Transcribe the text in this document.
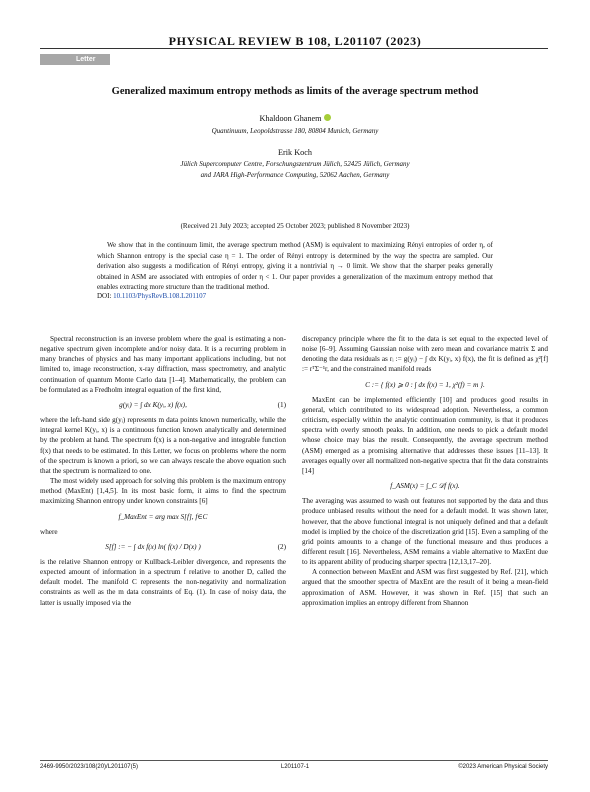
PHYSICAL REVIEW B 108, L201107 (2023)
Letter
Generalized maximum entropy methods as limits of the average spectrum method
Khaldoon Ghanem
Quantinuum, Leopoldstrasse 180, 80804 Munich, Germany
Erik Koch
Jülich Supercomputer Centre, Forschungszentrum Jülich, 52425 Jülich, Germany
and JARA High-Performance Computing, 52062 Aachen, Germany
(Received 21 July 2023; accepted 25 October 2023; published 8 November 2023)
We show that in the continuum limit, the average spectrum method (ASM) is equivalent to maximizing Rényi entropies of order η, of which Shannon entropy is the special case η = 1. The order of Rényi entropy is determined by the way the spectra are sampled. Our derivation also suggests a modification of Rényi entropy, giving it a nontrivial η → 0 limit. We show that the sharper peaks generally obtained in ASM are associated with entropies of order η < 1. Our paper provides a generalization of the maximum entropy method that enables extracting more structure than the traditional method.
DOI: 10.1103/PhysRevB.108.L201107

Spectral reconstruction is an inverse problem where the goal is estimating a non-negative spectrum given incomplete and/or noisy data. It is a recurring problem in many branches of physics and has many important applications including, but not limited to, image reconstruction, x-ray diffraction, mass spectrometry, and analytic continuation of quantum Monte Carlo data [1–4]. Mathematically, the problem can be formulated as a Fredholm integral equation of the first kind,

g(yᵢ) = ∫ dx K(yᵢ, x) f(x),	(1)

where the left-hand side g(yᵢ) represents m data points known numerically, while the integral kernel K(yᵢ, x) is a continuous function known analytically and determined by the problem at hand. The spectrum f(x) is a non-negative and integrable function f(x) that needs to be estimated. In this Letter, we focus on problems where the norm of the spectrum is known a priori, so we can always rescale the above equation such that the spectrum is normalized to one.

The most widely used approach for solving this problem is the maximum entropy method (MaxEnt) [1,4,5]. In its most basic form, it aims to find the spectrum maximizing Shannon entropy under known constraints [6]

f_MaxEnt = arg max S[f], f∈C

where

S[f] := − ∫ dx f(x) ln( f(x) / D(x) )	(2)

is the relative Shannon entropy or Kullback-Leibler divergence, and represents the expected amount of information in a spectrum f relative to another D, called the default model. The manifold C represents the non-negativity and normalization constraints as well as the m data constraints of Eq. (1). In case of noisy data, the latter is usually imposed via the

discrepancy principle where the fit to the data is set equal to the expected level of noise [6–9]. Assuming Gaussian noise with zero mean and covariance matrix Σ and denoting the data residuals as rᵢ := g(yᵢ) − ∫ dx K(yᵢ, x) f(x), the fit is defined as χ²[f] := rᵀΣ⁻¹r, and the constrained manifold reads

C := { f(x) ⩾ 0 : ∫ dx f(x) = 1, χ²(f) = m }.

MaxEnt can be implemented efficiently [10] and produces good results in general, which contributed to its widespread adoption. Nevertheless, a common criticism, especially within the analytic continuation community, is that it produces spectra with overly smooth peaks. In addition, one needs to pick a default model whose choice may bias the result. Consequently, the average spectrum method (ASM) emerged as a promising alternative that addresses these issues [11–13]. It averages equally over all normalized non-negative spectra that fit the data constraints [14]

f_ASM(x) = ∫_C 𝒟f f(x).

The averaging was assumed to wash out features not supported by the data and thus produce unbiased results without the need for a default model. It was shown later, however, that the above functional integral is not uniquely defined and that a default model is implied by the choice of the discretization grid [15]. Even a sampling of the grid points amounts to a change of the functional measure and thus produces a different result [16]. Nevertheless, ASM remains a viable alternative to MaxEnt due to its apparent ability of producing sharper spectra [12,13,17–20].

A connection between MaxEnt and ASM was first suggested by Ref. [21], which argued that the smoother spectra of MaxEnt are the result of it being a mean-field approximation of ASM. However, it was shown in Ref. [15] that such an approximation implies an entropy different from Shannon

2469-9950/2023/108(20)/L201107(5)	L201107-1	©2023 American Physical Society
